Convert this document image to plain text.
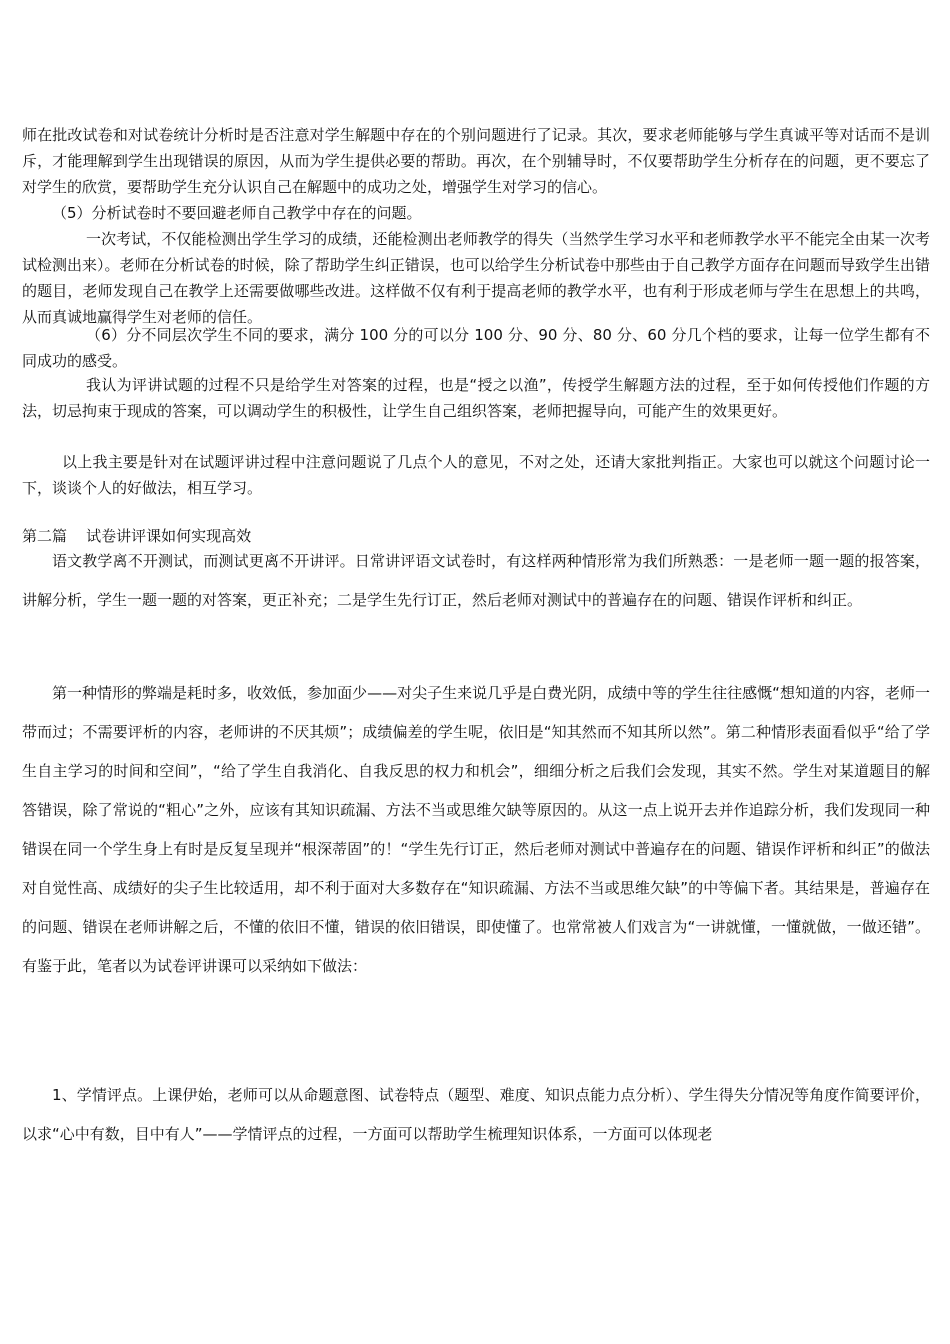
师在批改试卷和对试卷统计分析时是否注意对学生解题中存在的个别问题进行了记录。其次，要求老师能够与学生真诚平等对话而不是训斥，才能理解到学生出现错误的原因，从而为学生提供必要的帮助。再次，在个别辅导时，不仅要帮助学生分析存在的问题，更不要忘了对学生的欣赏，要帮助学生充分认识自己在解题中的成功之处，增强学生对学习的信心。

（5）分析试卷时不要回避老师自己教学中存在的问题。

一次考试，不仅能检测出学生学习的成绩，还能检测出老师教学的得失（当然学生学习水平和老师教学水平不能完全由某一次考试检测出来）。老师在分析试卷的时候，除了帮助学生纠正错误，也可以给学生分析试卷中那些由于自己教学方面存在问题而导致学生出错的题目，老师发现自己在教学上还需要做哪些改进。这样做不仅有利于提高老师的教学水平，也有利于形成老师与学生在思想上的共鸣，从而真诚地赢得学生对老师的信任。

（6）分不同层次学生不同的要求，满分 100 分的可以分 100 分、90 分、80 分、60 分几个档的要求，让每一位学生都有不同成功的感受。

我认为评讲试题的过程不只是给学生对答案的过程，也是“授之以渔”，传授学生解题方法的过程，至于如何传授他们作题的方法，切忌拘束于现成的答案，可以调动学生的积极性，让学生自己组织答案，老师把握导向，可能产生的效果更好。

以上我主要是针对在试题评讲过程中注意问题说了几点个人的意见，不对之处，还请大家批判指正。大家也可以就这个问题讨论一下，谈谈个人的好做法，相互学习。

第二篇    试卷讲评课如何实现高效

语文教学离不开测试，而测试更离不开讲评。日常讲评语文试卷时，有这样两种情形常为我们所熟悉：一是老师一题一题的报答案，讲解分析，学生一题一题的对答案，更正补充；二是学生先行订正，然后老师对测试中的普遍存在的问题、错误作评析和纠正。

第一种情形的弊端是耗时多，收效低，参加面少——对尖子生来说几乎是白费光阴，成绩中等的学生往往感慨“想知道的内容，老师一带而过；不需要评析的内容，老师讲的不厌其烦”；成绩偏差的学生呢，依旧是“知其然而不知其所以然”。第二种情形表面看似乎“给了学生自主学习的时间和空间”，“给了学生自我消化、自我反思的权力和机会”，细细分析之后我们会发现，其实不然。学生对某道题目的解答错误，除了常说的“粗心”之外，应该有其知识疏漏、方法不当或思维欠缺等原因的。从这一点上说开去并作追踪分析，我们发现同一种错误在同一个学生身上有时是反复呈现并“根深蒂固”的！“学生先行订正，然后老师对测试中普遍存在的问题、错误作评析和纠正”的做法对自觉性高、成绩好的尖子生比较适用，却不利于面对大多数存在“知识疏漏、方法不当或思维欠缺”的中等偏下者。其结果是，普遍存在的问题、错误在老师讲解之后，不懂的依旧不懂，错误的依旧错误，即使懂了。也常常被人们戏言为“一讲就懂，一懂就做，一做还错”。有鉴于此，笔者以为试卷评讲课可以采纳如下做法：

1、学情评点。上课伊始，老师可以从命题意图、试卷特点（题型、难度、知识点能力点分析）、学生得失分情况等角度作简要评价，以求“心中有数，目中有人”——学情评点的过程，一方面可以帮助学生梳理知识体系，一方面可以体现老
